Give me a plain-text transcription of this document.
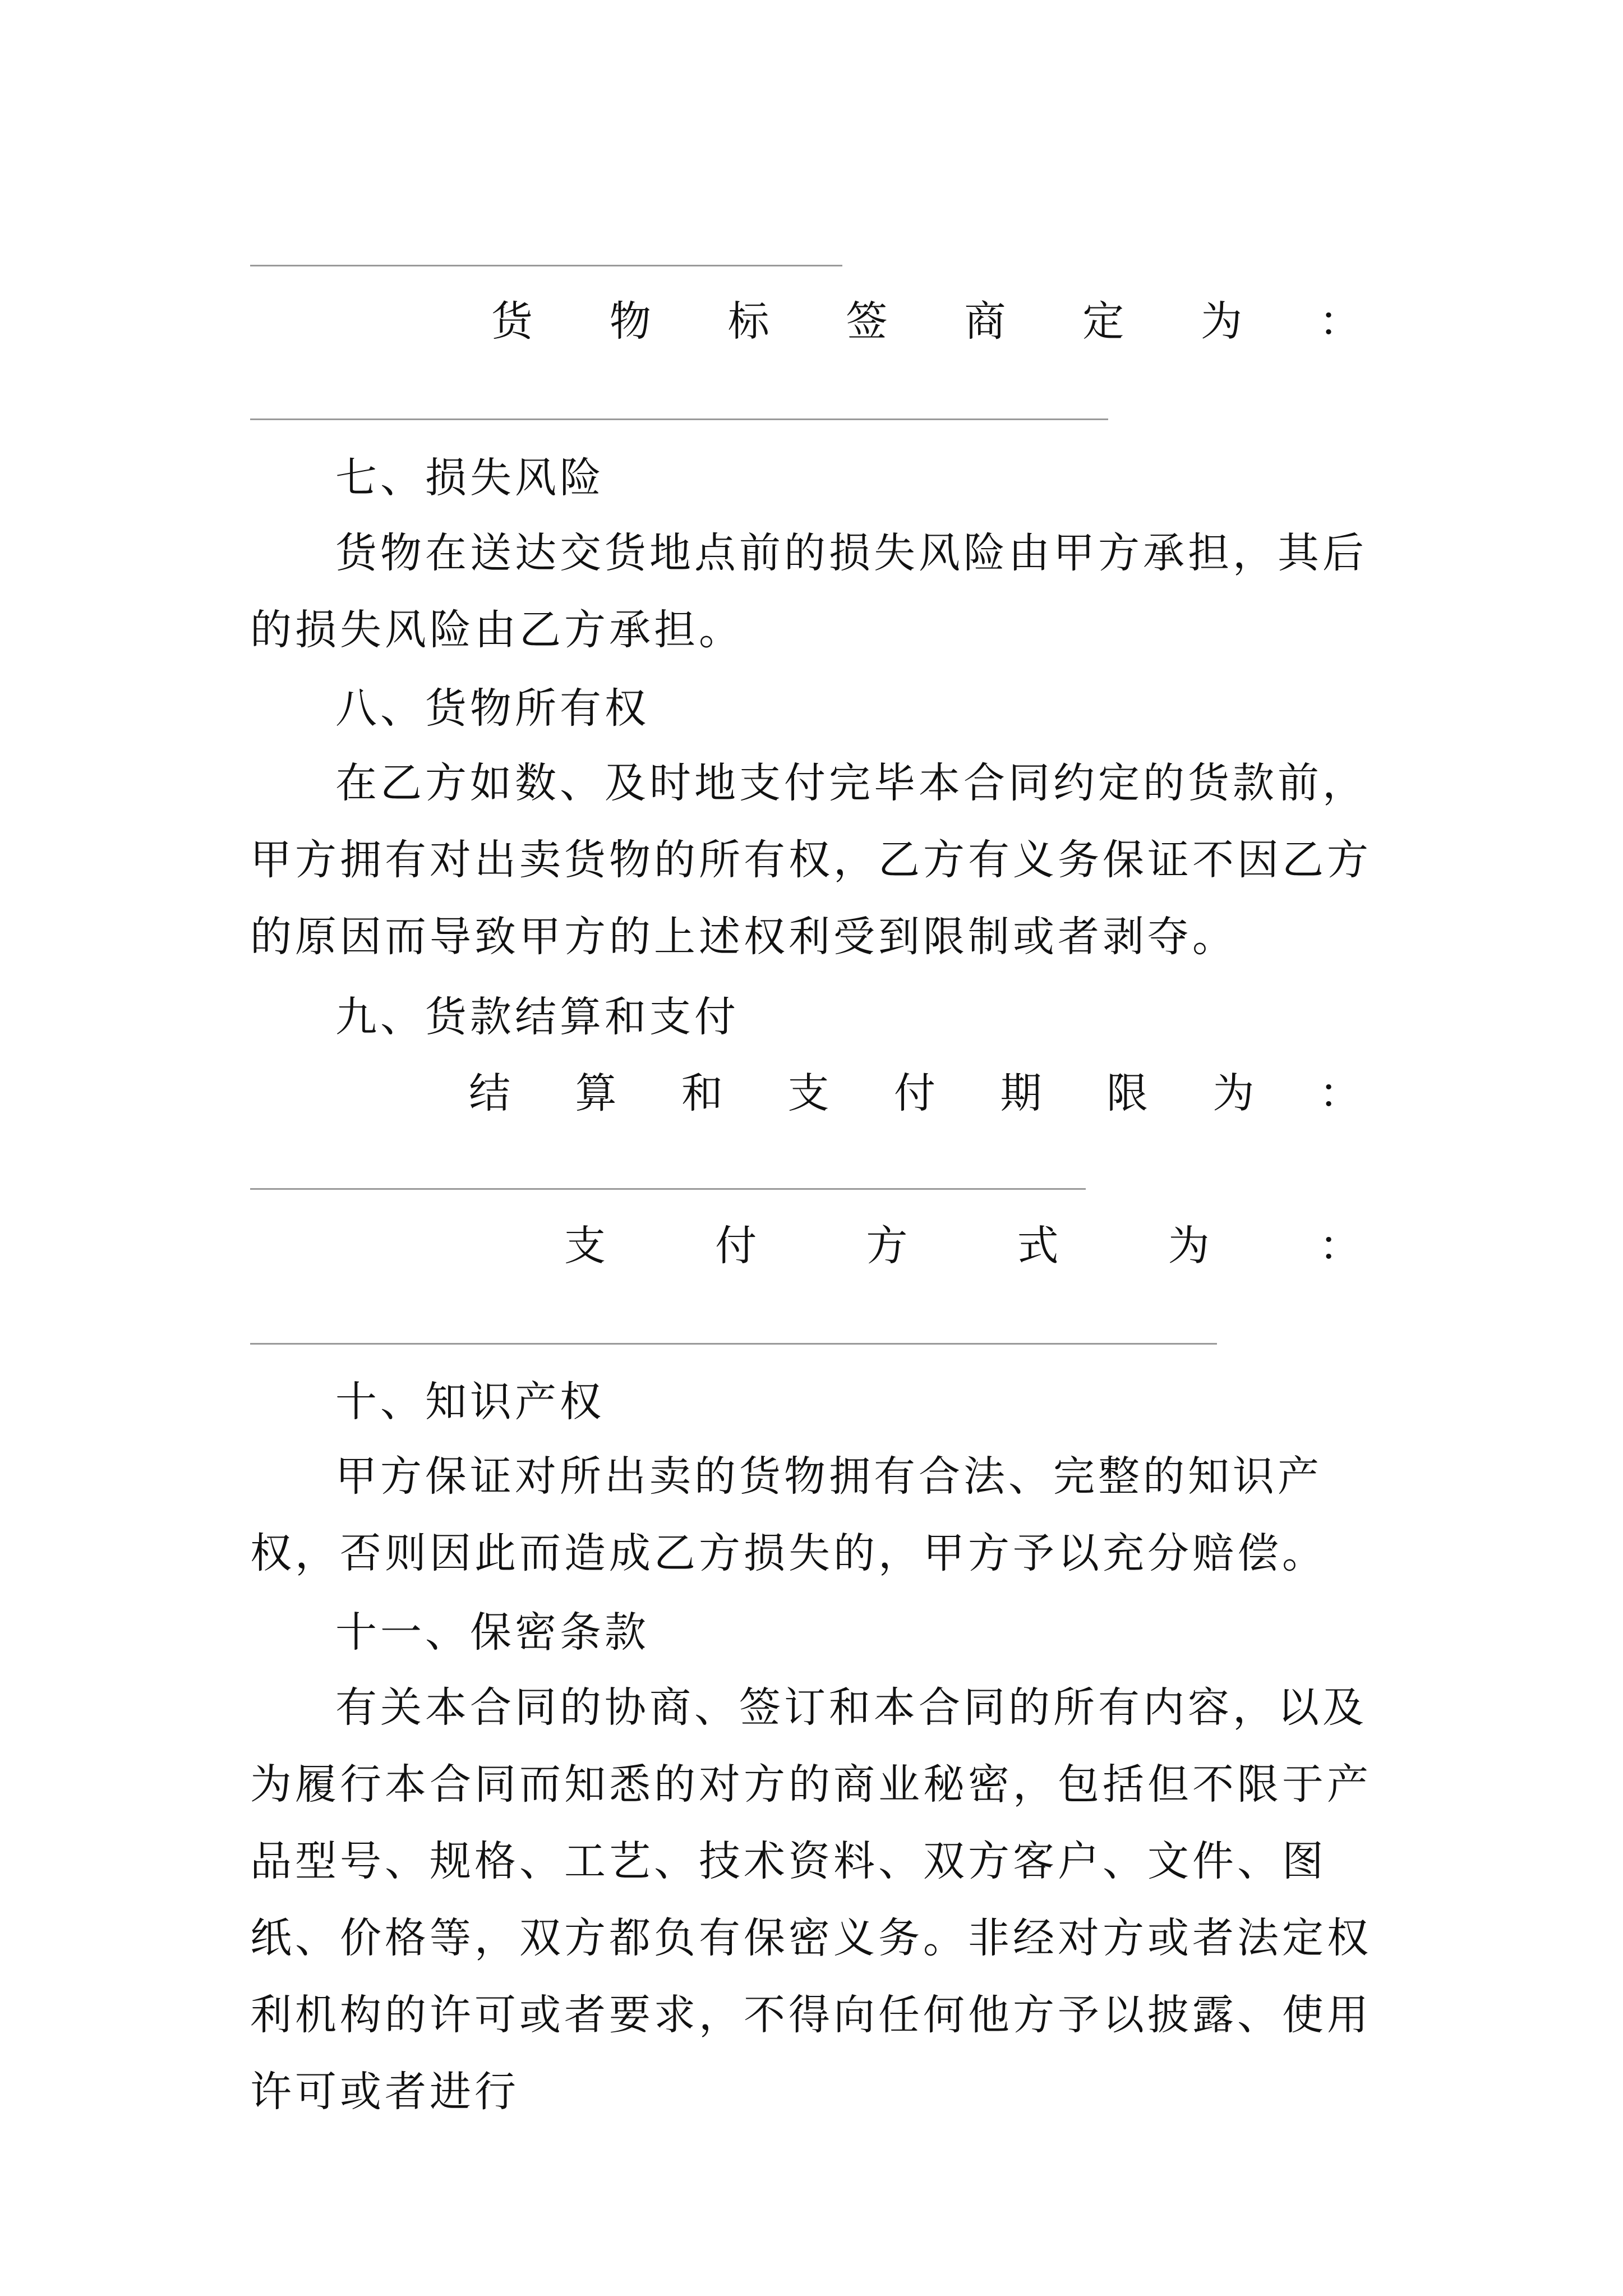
货 物 标 签 商 定 为 ：
七、损失风险
货物在送达交货地点前的损失风险由甲方承担，其后的损失风险由乙方承担。
八、货物所有权
在乙方如数、及时地支付完毕本合同约定的货款前，甲方拥有对出卖货物的所有权，乙方有义务保证不因乙方的原因而导致甲方的上述权利受到限制或者剥夺。
九、货款结算和支付
结 算 和 支 付 期 限 为 ：
支	付	方	式	为	：
十、知识产权
甲方保证对所出卖的货物拥有合法、完整的知识产权，否则因此而造成乙方损失的，甲方予以充分赔偿。
十一、保密条款
有关本合同的协商、签订和本合同的所有内容，以及为履行本合同而知悉的对方的商业秘密，包括但不限于产品型号、规格、工艺、技术资料、双方客户、文件、图纸、价格等，双方都负有保密义务。非经对方或者法定权利机构的许可或者要求，不得向任何他方予以披露、使用许可或者进行
